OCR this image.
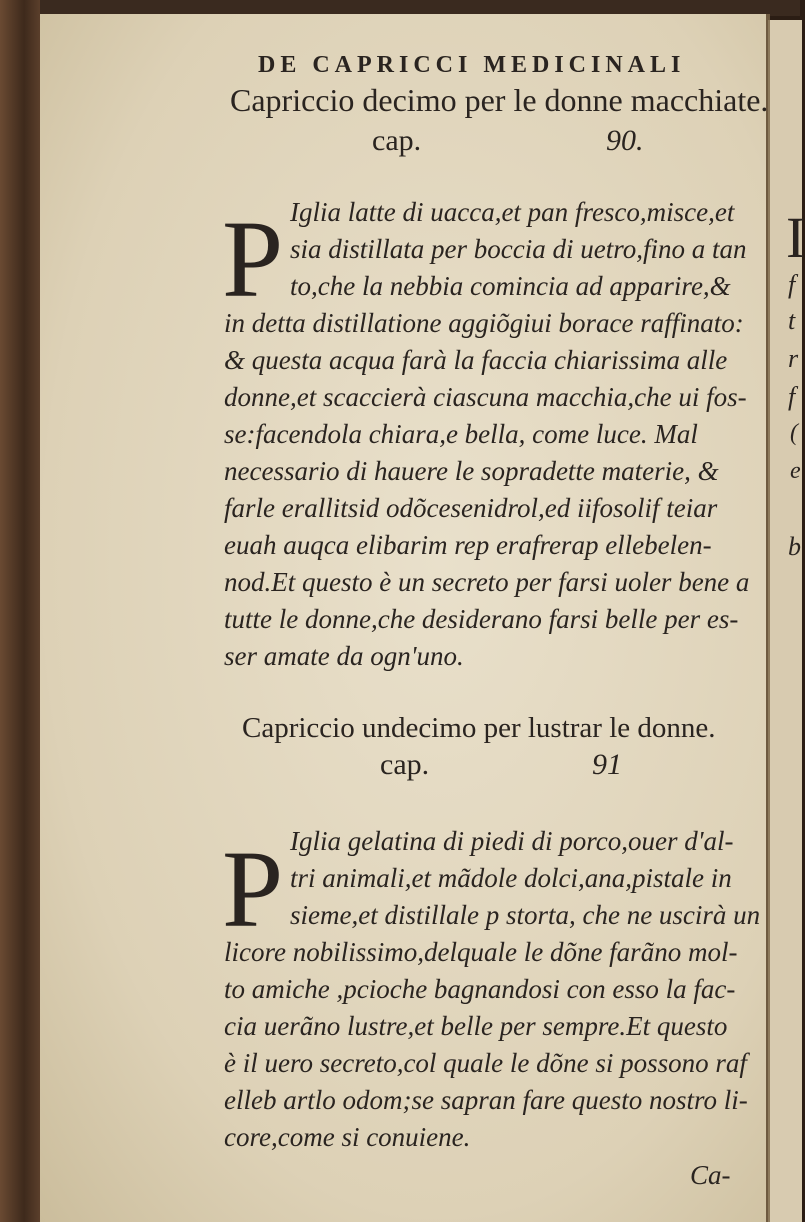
DE CAPRICCI MEDICINALI
Capriccio decimo per le donne macchiate.
cap.	90.
P Iglia latte di uacca,et pan fresco,misce,et
sia distillata per boccia di uetro,fino a tan
to,che la nebbia comincia ad apparire,&
in detta distillatione aggiõgiui borace raffinato:
& questa acqua farà la faccia chiarissima alle
donne,et scaccierà ciascuna macchia,che ui fos-
se:facendola chiara,e bella, come luce. Mal
necessario di hauere le sopradette materie, &
farle erallitsid odõcesenidrol,ed iifosolif teiar
euah auqca elibarim rep erafrerap ellebelen-
nod.Et questo è un secreto per farsi uoler bene a
tutte le donne,che desiderano farsi belle per es-
ser amate da ogn'uno.
Capriccio undecimo per lustrar le donne.
cap.	91
P Iglia gelatina di piedi di porco,ouer d'al-
tri animali,et mãdole dolci,ana,pistale in
sieme,et distillale p storta, che ne uscirà un
licore nobilissimo,delquale le dõne farãno mol-
to amiche ,pcioche bagnandosi con esso la fac-
cia uerãno lustre,et belle per sempre.Et questo
è il uero secreto,col quale le dõne si possono raf
elleb artlo odom;se sapran fare questo nostro li-
core,come si conuiene.
Ca-
I
f
t
r
f
(
e
b
